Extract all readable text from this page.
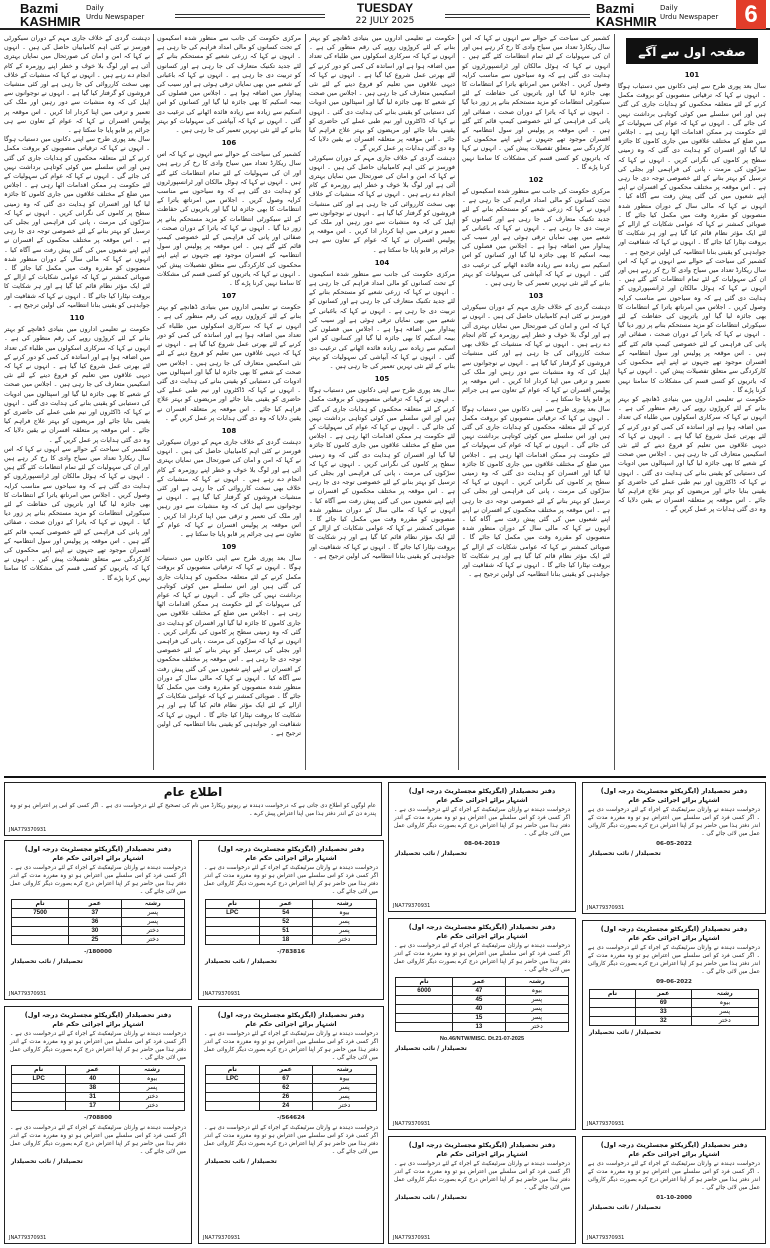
Bazmi
KASHMIR
Daily
Urdu Newspaper
TUESDAY
22 JULY 2025
Bazmi
KASHMIR
Daily
Urdu Newspaper	6
صفحہ اول سے آگے
101
سال بعد پوری طرح سے اپنی دکانوں میں دستیاب ہوگا ۔ انہوں نے کہا کہ ترقیاتی منصوبوں کو بروقت مکمل کرنے کے لئے متعلقہ محکموں کو ہدایات جاری کی گئی ہیں اور اس سلسلے میں کوئی کوتاہی برداشت نہیں کی جائے گی ۔ انہوں نے کہا کہ عوام کی سہولیات کے لئے حکومت ہر ممکن اقدامات اٹھا رہی ہے ۔ اجلاس میں ضلع کے مختلف علاقوں میں جاری کاموں کا جائزہ لیا گیا اور افسران کو ہدایت دی گئی کہ وہ زمینی سطح پر کاموں کی نگرانی کریں ۔ انہوں نے کہا کہ سڑکوں کی مرمت ، پانی کی فراہمی اور بجلی کی ترسیل کو بہتر بنانے کے لئے خصوصی توجہ دی جا رہی ہے ۔ اس موقعہ پر مختلف محکموں کے افسران نے اپنے اپنے شعبوں میں کی گئی پیش رفت سے آگاہ کیا ۔ انہوں نے کہا کہ مالی سال کے دوران منظور شدہ منصوبوں کو مقررہ وقت میں مکمل کیا جائے گا ۔ صوبائی کمشنر نے کہا کہ عوامی شکایات کے ازالے کے لئے ایک مؤثر نظام قائم کیا گیا ہے اور ہر شکایت کا بروقت نپٹارا کیا جائے گا ۔ انہوں نے کہا کہ شفافیت اور جوابدہی کو یقینی بنانا انتظامیہ کی اولین ترجیح ہے ۔
کشمیر کی سیاحت کے حوالے سے انہوں نے کہا کہ اس سال ریکارڈ تعداد میں سیاح وادی کا رخ کر رہے ہیں اور ان کی سہولیات کے لئے تمام انتظامات کئے گئے ہیں ۔ انہوں نے کہا کہ ہوٹل مالکان اور ٹرانسپورٹروں کو ہدایت دی گئی ہے کہ وہ سیاحوں سے مناسب کرایہ وصول کریں ۔ اجلاس میں امرناتھ یاترا کے انتظامات کا بھی جائزہ لیا گیا اور یاتریوں کی حفاظت کے لئے سیکورٹی انتظامات کو مزید مستحکم بنانے پر زور دیا گیا ۔ انہوں نے کہا کہ یاترا کے دوران صحت ، صفائی اور پانی کی فراہمی کے لئے خصوصی کیمپ قائم کئے گئے ہیں ۔ اس موقعہ پر پولیس اور سول انتظامیہ کے افسران موجود تھے جنہوں نے اپنے اپنے محکموں کی کارکردگی سے متعلق تفصیلات پیش کیں ۔ انہوں نے کہا کہ یاتریوں کو کسی قسم کی مشکلات کا سامنا نہیں کرنا پڑے گا ۔
حکومت نے تعلیمی اداروں میں بنیادی ڈھانچے کو بہتر بنانے کے لئے کروڑوں روپے کی رقم منظور کی ہے ۔ انہوں نے کہا کہ سرکاری اسکولوں میں طلباء کی تعداد میں اضافہ ہوا ہے اور اساتذہ کی کمی کو دور کرنے کے لئے بھرتی عمل شروع کیا گیا ہے ۔ انہوں نے کہا کہ دیہی علاقوں میں تعلیم کو فروغ دینے کے لئے نئی اسکیمیں متعارف کی جا رہی ہیں ۔ اجلاس میں صحت کے شعبے کا بھی جائزہ لیا گیا اور اسپتالوں میں ادویات کی دستیابی کو یقینی بنانے کی ہدایت دی گئی ۔ انہوں نے کہا کہ ڈاکٹروں اور نیم طبی عملے کی حاضری کو یقینی بنایا جائے اور مریضوں کو بہتر علاج فراہم کیا جائے ۔ اس موقعہ پر متعلقہ افسران نے یقین دلایا کہ وہ دی گئی ہدایات پر عمل کریں گے ۔
کشمیر کی سیاحت کے حوالے سے انہوں نے کہا کہ اس سال ریکارڈ تعداد میں سیاح وادی کا رخ کر رہے ہیں اور ان کی سہولیات کے لئے تمام انتظامات کئے گئے ہیں ۔ انہوں نے کہا کہ ہوٹل مالکان اور ٹرانسپورٹروں کو ہدایت دی گئی ہے کہ وہ سیاحوں سے مناسب کرایہ وصول کریں ۔ اجلاس میں امرناتھ یاترا کے انتظامات کا بھی جائزہ لیا گیا اور یاتریوں کی حفاظت کے لئے سیکورٹی انتظامات کو مزید مستحکم بنانے پر زور دیا گیا ۔ انہوں نے کہا کہ یاترا کے دوران صحت ، صفائی اور پانی کی فراہمی کے لئے خصوصی کیمپ قائم کئے گئے ہیں ۔ اس موقعہ پر پولیس اور سول انتظامیہ کے افسران موجود تھے جنہوں نے اپنے اپنے محکموں کی کارکردگی سے متعلق تفصیلات پیش کیں ۔ انہوں نے کہا کہ یاتریوں کو کسی قسم کی مشکلات کا سامنا نہیں کرنا پڑے گا ۔
102
مرکزی حکومت کی جانب سے منظور شدہ اسکیموں کے تحت کسانوں کو مالی امداد فراہم کی جا رہی ہے ۔ انہوں نے کہا کہ زرعی شعبے کو مستحکم بنانے کے لئے جدید تکنیک متعارف کی جا رہی ہے اور کسانوں کو تربیت دی جا رہی ہے ۔ انہوں نے کہا کہ باغبانی کے شعبے میں بھی نمایاں ترقی ہوئی ہے اور سیب کی پیداوار میں اضافہ ہوا ہے ۔ اجلاس میں فصلوں کی بیمہ اسکیم کا بھی جائزہ لیا گیا اور کسانوں کو اس اسکیم سے زیادہ سے زیادہ فائدہ اٹھانے کی ترغیب دی گئی ۔ انہوں نے کہا کہ آبپاشی کی سہولیات کو بہتر بنانے کے لئے نئی نہریں تعمیر کی جا رہی ہیں ۔
103
دہشت گردی کے خلاف جاری مہم کے دوران سیکورٹی فورسز نے کئی اہم کامیابیاں حاصل کی ہیں ۔ انہوں نے کہا کہ امن و امان کی صورتحال میں نمایاں بہتری آئی ہے اور لوگ بلا خوف و خطر اپنے روزمرہ کے کام انجام دے رہے ہیں ۔ انہوں نے کہا کہ منشیات کے خلاف بھی سخت کارروائی کی جا رہی ہے اور کئی منشیات فروشوں کو گرفتار کیا گیا ہے ۔ انہوں نے نوجوانوں سے اپیل کی کہ وہ منشیات سے دور رہیں اور ملک کی تعمیر و ترقی میں اپنا کردار ادا کریں ۔ اس موقعہ پر پولیس افسران نے کہا کہ عوام کے تعاون سے ہی جرائم پر قابو پایا جا سکتا ہے ۔
سال بعد پوری طرح سے اپنی دکانوں میں دستیاب ہوگا ۔ انہوں نے کہا کہ ترقیاتی منصوبوں کو بروقت مکمل کرنے کے لئے متعلقہ محکموں کو ہدایات جاری کی گئی ہیں اور اس سلسلے میں کوئی کوتاہی برداشت نہیں کی جائے گی ۔ انہوں نے کہا کہ عوام کی سہولیات کے لئے حکومت ہر ممکن اقدامات اٹھا رہی ہے ۔ اجلاس میں ضلع کے مختلف علاقوں میں جاری کاموں کا جائزہ لیا گیا اور افسران کو ہدایت دی گئی کہ وہ زمینی سطح پر کاموں کی نگرانی کریں ۔ انہوں نے کہا کہ سڑکوں کی مرمت ، پانی کی فراہمی اور بجلی کی ترسیل کو بہتر بنانے کے لئے خصوصی توجہ دی جا رہی ہے ۔ اس موقعہ پر مختلف محکموں کے افسران نے اپنے اپنے شعبوں میں کی گئی پیش رفت سے آگاہ کیا ۔ انہوں نے کہا کہ مالی سال کے دوران منظور شدہ منصوبوں کو مقررہ وقت میں مکمل کیا جائے گا ۔ صوبائی کمشنر نے کہا کہ عوامی شکایات کے ازالے کے لئے ایک مؤثر نظام قائم کیا گیا ہے اور ہر شکایت کا بروقت نپٹارا کیا جائے گا ۔ انہوں نے کہا کہ شفافیت اور جوابدہی کو یقینی بنانا انتظامیہ کی اولین ترجیح ہے ۔
حکومت نے تعلیمی اداروں میں بنیادی ڈھانچے کو بہتر بنانے کے لئے کروڑوں روپے کی رقم منظور کی ہے ۔ انہوں نے کہا کہ سرکاری اسکولوں میں طلباء کی تعداد میں اضافہ ہوا ہے اور اساتذہ کی کمی کو دور کرنے کے لئے بھرتی عمل شروع کیا گیا ہے ۔ انہوں نے کہا کہ دیہی علاقوں میں تعلیم کو فروغ دینے کے لئے نئی اسکیمیں متعارف کی جا رہی ہیں ۔ اجلاس میں صحت کے شعبے کا بھی جائزہ لیا گیا اور اسپتالوں میں ادویات کی دستیابی کو یقینی بنانے کی ہدایت دی گئی ۔ انہوں نے کہا کہ ڈاکٹروں اور نیم طبی عملے کی حاضری کو یقینی بنایا جائے اور مریضوں کو بہتر علاج فراہم کیا جائے ۔ اس موقعہ پر متعلقہ افسران نے یقین دلایا کہ وہ دی گئی ہدایات پر عمل کریں گے ۔
دہشت گردی کے خلاف جاری مہم کے دوران سیکورٹی فورسز نے کئی اہم کامیابیاں حاصل کی ہیں ۔ انہوں نے کہا کہ امن و امان کی صورتحال میں نمایاں بہتری آئی ہے اور لوگ بلا خوف و خطر اپنے روزمرہ کے کام انجام دے رہے ہیں ۔ انہوں نے کہا کہ منشیات کے خلاف بھی سخت کارروائی کی جا رہی ہے اور کئی منشیات فروشوں کو گرفتار کیا گیا ہے ۔ انہوں نے نوجوانوں سے اپیل کی کہ وہ منشیات سے دور رہیں اور ملک کی تعمیر و ترقی میں اپنا کردار ادا کریں ۔ اس موقعہ پر پولیس افسران نے کہا کہ عوام کے تعاون سے ہی جرائم پر قابو پایا جا سکتا ہے ۔
104
مرکزی حکومت کی جانب سے منظور شدہ اسکیموں کے تحت کسانوں کو مالی امداد فراہم کی جا رہی ہے ۔ انہوں نے کہا کہ زرعی شعبے کو مستحکم بنانے کے لئے جدید تکنیک متعارف کی جا رہی ہے اور کسانوں کو تربیت دی جا رہی ہے ۔ انہوں نے کہا کہ باغبانی کے شعبے میں بھی نمایاں ترقی ہوئی ہے اور سیب کی پیداوار میں اضافہ ہوا ہے ۔ اجلاس میں فصلوں کی بیمہ اسکیم کا بھی جائزہ لیا گیا اور کسانوں کو اس اسکیم سے زیادہ سے زیادہ فائدہ اٹھانے کی ترغیب دی گئی ۔ انہوں نے کہا کہ آبپاشی کی سہولیات کو بہتر بنانے کے لئے نئی نہریں تعمیر کی جا رہی ہیں ۔
105
سال بعد پوری طرح سے اپنی دکانوں میں دستیاب ہوگا ۔ انہوں نے کہا کہ ترقیاتی منصوبوں کو بروقت مکمل کرنے کے لئے متعلقہ محکموں کو ہدایات جاری کی گئی ہیں اور اس سلسلے میں کوئی کوتاہی برداشت نہیں کی جائے گی ۔ انہوں نے کہا کہ عوام کی سہولیات کے لئے حکومت ہر ممکن اقدامات اٹھا رہی ہے ۔ اجلاس میں ضلع کے مختلف علاقوں میں جاری کاموں کا جائزہ لیا گیا اور افسران کو ہدایت دی گئی کہ وہ زمینی سطح پر کاموں کی نگرانی کریں ۔ انہوں نے کہا کہ سڑکوں کی مرمت ، پانی کی فراہمی اور بجلی کی ترسیل کو بہتر بنانے کے لئے خصوصی توجہ دی جا رہی ہے ۔ اس موقعہ پر مختلف محکموں کے افسران نے اپنے اپنے شعبوں میں کی گئی پیش رفت سے آگاہ کیا ۔ انہوں نے کہا کہ مالی سال کے دوران منظور شدہ منصوبوں کو مقررہ وقت میں مکمل کیا جائے گا ۔ صوبائی کمشنر نے کہا کہ عوامی شکایات کے ازالے کے لئے ایک مؤثر نظام قائم کیا گیا ہے اور ہر شکایت کا بروقت نپٹارا کیا جائے گا ۔ انہوں نے کہا کہ شفافیت اور جوابدہی کو یقینی بنانا انتظامیہ کی اولین ترجیح ہے ۔
مرکزی حکومت کی جانب سے منظور شدہ اسکیموں کے تحت کسانوں کو مالی امداد فراہم کی جا رہی ہے ۔ انہوں نے کہا کہ زرعی شعبے کو مستحکم بنانے کے لئے جدید تکنیک متعارف کی جا رہی ہے اور کسانوں کو تربیت دی جا رہی ہے ۔ انہوں نے کہا کہ باغبانی کے شعبے میں بھی نمایاں ترقی ہوئی ہے اور سیب کی پیداوار میں اضافہ ہوا ہے ۔ اجلاس میں فصلوں کی بیمہ اسکیم کا بھی جائزہ لیا گیا اور کسانوں کو اس اسکیم سے زیادہ سے زیادہ فائدہ اٹھانے کی ترغیب دی گئی ۔ انہوں نے کہا کہ آبپاشی کی سہولیات کو بہتر بنانے کے لئے نئی نہریں تعمیر کی جا رہی ہیں ۔
106
کشمیر کی سیاحت کے حوالے سے انہوں نے کہا کہ اس سال ریکارڈ تعداد میں سیاح وادی کا رخ کر رہے ہیں اور ان کی سہولیات کے لئے تمام انتظامات کئے گئے ہیں ۔ انہوں نے کہا کہ ہوٹل مالکان اور ٹرانسپورٹروں کو ہدایت دی گئی ہے کہ وہ سیاحوں سے مناسب کرایہ وصول کریں ۔ اجلاس میں امرناتھ یاترا کے انتظامات کا بھی جائزہ لیا گیا اور یاتریوں کی حفاظت کے لئے سیکورٹی انتظامات کو مزید مستحکم بنانے پر زور دیا گیا ۔ انہوں نے کہا کہ یاترا کے دوران صحت ، صفائی اور پانی کی فراہمی کے لئے خصوصی کیمپ قائم کئے گئے ہیں ۔ اس موقعہ پر پولیس اور سول انتظامیہ کے افسران موجود تھے جنہوں نے اپنے اپنے محکموں کی کارکردگی سے متعلق تفصیلات پیش کیں ۔ انہوں نے کہا کہ یاتریوں کو کسی قسم کی مشکلات کا سامنا نہیں کرنا پڑے گا ۔
107
حکومت نے تعلیمی اداروں میں بنیادی ڈھانچے کو بہتر بنانے کے لئے کروڑوں روپے کی رقم منظور کی ہے ۔ انہوں نے کہا کہ سرکاری اسکولوں میں طلباء کی تعداد میں اضافہ ہوا ہے اور اساتذہ کی کمی کو دور کرنے کے لئے بھرتی عمل شروع کیا گیا ہے ۔ انہوں نے کہا کہ دیہی علاقوں میں تعلیم کو فروغ دینے کے لئے نئی اسکیمیں متعارف کی جا رہی ہیں ۔ اجلاس میں صحت کے شعبے کا بھی جائزہ لیا گیا اور اسپتالوں میں ادویات کی دستیابی کو یقینی بنانے کی ہدایت دی گئی ۔ انہوں نے کہا کہ ڈاکٹروں اور نیم طبی عملے کی حاضری کو یقینی بنایا جائے اور مریضوں کو بہتر علاج فراہم کیا جائے ۔ اس موقعہ پر متعلقہ افسران نے یقین دلایا کہ وہ دی گئی ہدایات پر عمل کریں گے ۔
108
دہشت گردی کے خلاف جاری مہم کے دوران سیکورٹی فورسز نے کئی اہم کامیابیاں حاصل کی ہیں ۔ انہوں نے کہا کہ امن و امان کی صورتحال میں نمایاں بہتری آئی ہے اور لوگ بلا خوف و خطر اپنے روزمرہ کے کام انجام دے رہے ہیں ۔ انہوں نے کہا کہ منشیات کے خلاف بھی سخت کارروائی کی جا رہی ہے اور کئی منشیات فروشوں کو گرفتار کیا گیا ہے ۔ انہوں نے نوجوانوں سے اپیل کی کہ وہ منشیات سے دور رہیں اور ملک کی تعمیر و ترقی میں اپنا کردار ادا کریں ۔ اس موقعہ پر پولیس افسران نے کہا کہ عوام کے تعاون سے ہی جرائم پر قابو پایا جا سکتا ہے ۔
109
سال بعد پوری طرح سے اپنی دکانوں میں دستیاب ہوگا ۔ انہوں نے کہا کہ ترقیاتی منصوبوں کو بروقت مکمل کرنے کے لئے متعلقہ محکموں کو ہدایات جاری کی گئی ہیں اور اس سلسلے میں کوئی کوتاہی برداشت نہیں کی جائے گی ۔ انہوں نے کہا کہ عوام کی سہولیات کے لئے حکومت ہر ممکن اقدامات اٹھا رہی ہے ۔ اجلاس میں ضلع کے مختلف علاقوں میں جاری کاموں کا جائزہ لیا گیا اور افسران کو ہدایت دی گئی کہ وہ زمینی سطح پر کاموں کی نگرانی کریں ۔ انہوں نے کہا کہ سڑکوں کی مرمت ، پانی کی فراہمی اور بجلی کی ترسیل کو بہتر بنانے کے لئے خصوصی توجہ دی جا رہی ہے ۔ اس موقعہ پر مختلف محکموں کے افسران نے اپنے اپنے شعبوں میں کی گئی پیش رفت سے آگاہ کیا ۔ انہوں نے کہا کہ مالی سال کے دوران منظور شدہ منصوبوں کو مقررہ وقت میں مکمل کیا جائے گا ۔ صوبائی کمشنر نے کہا کہ عوامی شکایات کے ازالے کے لئے ایک مؤثر نظام قائم کیا گیا ہے اور ہر شکایت کا بروقت نپٹارا کیا جائے گا ۔ انہوں نے کہا کہ شفافیت اور جوابدہی کو یقینی بنانا انتظامیہ کی اولین ترجیح ہے ۔
دہشت گردی کے خلاف جاری مہم کے دوران سیکورٹی فورسز نے کئی اہم کامیابیاں حاصل کی ہیں ۔ انہوں نے کہا کہ امن و امان کی صورتحال میں نمایاں بہتری آئی ہے اور لوگ بلا خوف و خطر اپنے روزمرہ کے کام انجام دے رہے ہیں ۔ انہوں نے کہا کہ منشیات کے خلاف بھی سخت کارروائی کی جا رہی ہے اور کئی منشیات فروشوں کو گرفتار کیا گیا ہے ۔ انہوں نے نوجوانوں سے اپیل کی کہ وہ منشیات سے دور رہیں اور ملک کی تعمیر و ترقی میں اپنا کردار ادا کریں ۔ اس موقعہ پر پولیس افسران نے کہا کہ عوام کے تعاون سے ہی جرائم پر قابو پایا جا سکتا ہے ۔
سال بعد پوری طرح سے اپنی دکانوں میں دستیاب ہوگا ۔ انہوں نے کہا کہ ترقیاتی منصوبوں کو بروقت مکمل کرنے کے لئے متعلقہ محکموں کو ہدایات جاری کی گئی ہیں اور اس سلسلے میں کوئی کوتاہی برداشت نہیں کی جائے گی ۔ انہوں نے کہا کہ عوام کی سہولیات کے لئے حکومت ہر ممکن اقدامات اٹھا رہی ہے ۔ اجلاس میں ضلع کے مختلف علاقوں میں جاری کاموں کا جائزہ لیا گیا اور افسران کو ہدایت دی گئی کہ وہ زمینی سطح پر کاموں کی نگرانی کریں ۔ انہوں نے کہا کہ سڑکوں کی مرمت ، پانی کی فراہمی اور بجلی کی ترسیل کو بہتر بنانے کے لئے خصوصی توجہ دی جا رہی ہے ۔ اس موقعہ پر مختلف محکموں کے افسران نے اپنے اپنے شعبوں میں کی گئی پیش رفت سے آگاہ کیا ۔ انہوں نے کہا کہ مالی سال کے دوران منظور شدہ منصوبوں کو مقررہ وقت میں مکمل کیا جائے گا ۔ صوبائی کمشنر نے کہا کہ عوامی شکایات کے ازالے کے لئے ایک مؤثر نظام قائم کیا گیا ہے اور ہر شکایت کا بروقت نپٹارا کیا جائے گا ۔ انہوں نے کہا کہ شفافیت اور جوابدہی کو یقینی بنانا انتظامیہ کی اولین ترجیح ہے ۔
110
حکومت نے تعلیمی اداروں میں بنیادی ڈھانچے کو بہتر بنانے کے لئے کروڑوں روپے کی رقم منظور کی ہے ۔ انہوں نے کہا کہ سرکاری اسکولوں میں طلباء کی تعداد میں اضافہ ہوا ہے اور اساتذہ کی کمی کو دور کرنے کے لئے بھرتی عمل شروع کیا گیا ہے ۔ انہوں نے کہا کہ دیہی علاقوں میں تعلیم کو فروغ دینے کے لئے نئی اسکیمیں متعارف کی جا رہی ہیں ۔ اجلاس میں صحت کے شعبے کا بھی جائزہ لیا گیا اور اسپتالوں میں ادویات کی دستیابی کو یقینی بنانے کی ہدایت دی گئی ۔ انہوں نے کہا کہ ڈاکٹروں اور نیم طبی عملے کی حاضری کو یقینی بنایا جائے اور مریضوں کو بہتر علاج فراہم کیا جائے ۔ اس موقعہ پر متعلقہ افسران نے یقین دلایا کہ وہ دی گئی ہدایات پر عمل کریں گے ۔
کشمیر کی سیاحت کے حوالے سے انہوں نے کہا کہ اس سال ریکارڈ تعداد میں سیاح وادی کا رخ کر رہے ہیں اور ان کی سہولیات کے لئے تمام انتظامات کئے گئے ہیں ۔ انہوں نے کہا کہ ہوٹل مالکان اور ٹرانسپورٹروں کو ہدایت دی گئی ہے کہ وہ سیاحوں سے مناسب کرایہ وصول کریں ۔ اجلاس میں امرناتھ یاترا کے انتظامات کا بھی جائزہ لیا گیا اور یاتریوں کی حفاظت کے لئے سیکورٹی انتظامات کو مزید مستحکم بنانے پر زور دیا گیا ۔ انہوں نے کہا کہ یاترا کے دوران صحت ، صفائی اور پانی کی فراہمی کے لئے خصوصی کیمپ قائم کئے گئے ہیں ۔ اس موقعہ پر پولیس اور سول انتظامیہ کے افسران موجود تھے جنہوں نے اپنے اپنے محکموں کی کارکردگی سے متعلق تفصیلات پیش کیں ۔ انہوں نے کہا کہ یاتریوں کو کسی قسم کی مشکلات کا سامنا نہیں کرنا پڑے گا ۔
اطلاع عام
عام لوگوں کو اطلاع دی جاتی ہے کہ درخواست دہندہ نے ریونیو ریکارڈ میں نام کی تصحیح کے لئے درخواست دی ہے ۔ اگر کسی کو اس پر اعتراض ہو تو وہ پندرہ دن کے اندر دفتر ہذا میں اپنا اعتراض پیش کرے ۔
JNA779370931
دفتر تحصیلدار (ایگزیکٹو مجسٹریٹ درجہ اول)
اشتہار برائے اجرائی حکم عام
درخواست دہندہ نے وارثان سرٹیفکیٹ کے اجراء کے لئے درخواست دی ہے ۔ اگر کسی فرد کو اس سلسلے میں اعتراض ہو تو وہ مقررہ مدت کے اندر دفتر ہذا میں حاضر ہو کر اپنا اعتراض درج کرے بصورت دیگر کاروائی عمل میں لائی جائے گی ۔
08-04-2019
تحصیلدار / نائب تحصیلدار
JNA779370931
دفتر تحصیلدار (ایگزیکٹو مجسٹریٹ درجہ اول)
اشتہار برائے اجرائی حکم عام
درخواست دہندہ نے وارثان سرٹیفکیٹ کے اجراء کے لئے درخواست دی ہے ۔ اگر کسی فرد کو اس سلسلے میں اعتراض ہو تو وہ مقررہ مدت کے اندر دفتر ہذا میں حاضر ہو کر اپنا اعتراض درج کرے بصورت دیگر کاروائی عمل میں لائی جائے گی ۔
06-05-2022
تحصیلدار / نائب تحصیلدار
JNA779370931
دفتر تحصیلدار (ایگزیکٹو مجسٹریٹ درجہ اول)
اشتہار برائے اجرائی حکم عام
درخواست دہندہ نے وارثان سرٹیفکیٹ کے اجراء کے لئے درخواست دی ہے ۔ اگر کسی فرد کو اس سلسلے میں اعتراض ہو تو وہ مقررہ مدت کے اندر دفتر ہذا میں حاضر ہو کر اپنا اعتراض درج کرے بصورت دیگر کاروائی عمل میں لائی جائے گی ۔
رشتہ	عمر	نام
پسر	37	7500
پسر	36	
دختر	30	
دختر	25	
180000/-
تحصیلدار / نائب تحصیلدار
JNA779370931
دفتر تحصیلدار (ایگزیکٹو مجسٹریٹ درجہ اول)
اشتہار برائے اجرائی حکم عام
درخواست دہندہ نے وارثان سرٹیفکیٹ کے اجراء کے لئے درخواست دی ہے ۔ اگر کسی فرد کو اس سلسلے میں اعتراض ہو تو وہ مقررہ مدت کے اندر دفتر ہذا میں حاضر ہو کر اپنا اعتراض درج کرے بصورت دیگر کاروائی عمل میں لائی جائے گی ۔
رشتہ	عمر	نام
بیوہ	54	LPC
پسر	52	
پسر	51	
دختر	18	
783816/-
تحصیلدار / نائب تحصیلدار
JNA779370931
دفتر تحصیلدار (ایگزیکٹو مجسٹریٹ درجہ اول)
اشتہار برائے اجرائی حکم عام
درخواست دہندہ نے وارثان سرٹیفکیٹ کے اجراء کے لئے درخواست دی ہے ۔ اگر کسی فرد کو اس سلسلے میں اعتراض ہو تو وہ مقررہ مدت کے اندر دفتر ہذا میں حاضر ہو کر اپنا اعتراض درج کرے بصورت دیگر کاروائی عمل میں لائی جائے گی ۔
رشتہ	عمر	نام
بیوہ	47	6000
پسر	45	
پسر	40	
پسر	15	
دختر	13	
No.46/NTW/MISC. Dt.21-07-2025
تحصیلدار / نائب تحصیلدار
JNA779370931
دفتر تحصیلدار (ایگزیکٹو مجسٹریٹ درجہ اول)
اشتہار برائے اجرائی حکم عام
درخواست دہندہ نے وارثان سرٹیفکیٹ کے اجراء کے لئے درخواست دی ہے ۔ اگر کسی فرد کو اس سلسلے میں اعتراض ہو تو وہ مقررہ مدت کے اندر دفتر ہذا میں حاضر ہو کر اپنا اعتراض درج کرے بصورت دیگر کاروائی عمل میں لائی جائے گی ۔
09-06-2022
رشتہ	عمر	نام
بیوہ	69	
پسر	33	
دختر	32	
تحصیلدار / نائب تحصیلدار
JNA779370931
دفتر تحصیلدار (ایگزیکٹو مجسٹریٹ درجہ اول)
اشتہار برائے اجرائی حکم عام
درخواست دہندہ نے وارثان سرٹیفکیٹ کے اجراء کے لئے درخواست دی ہے ۔ اگر کسی فرد کو اس سلسلے میں اعتراض ہو تو وہ مقررہ مدت کے اندر دفتر ہذا میں حاضر ہو کر اپنا اعتراض درج کرے بصورت دیگر کاروائی عمل میں لائی جائے گی ۔
رشتہ	عمر	نام
بیوہ	40	LPC
پسر	38	
دختر	31	
دختر	17	
708800/-
درخواست دہندہ نے وارثان سرٹیفکیٹ کے اجراء کے لئے درخواست دی ہے ۔ اگر کسی فرد کو اس سلسلے میں اعتراض ہو تو وہ مقررہ مدت کے اندر دفتر ہذا میں حاضر ہو کر اپنا اعتراض درج کرے بصورت دیگر کاروائی عمل میں لائی جائے گی ۔
تحصیلدار / نائب تحصیلدار
JNA779370931
دفتر تحصیلدار (ایگزیکٹو مجسٹریٹ درجہ اول)
اشتہار برائے اجرائی حکم عام
درخواست دہندہ نے وارثان سرٹیفکیٹ کے اجراء کے لئے درخواست دی ہے ۔ اگر کسی فرد کو اس سلسلے میں اعتراض ہو تو وہ مقررہ مدت کے اندر دفتر ہذا میں حاضر ہو کر اپنا اعتراض درج کرے بصورت دیگر کاروائی عمل میں لائی جائے گی ۔
رشتہ	عمر	نام
بیوہ	67	LPC
پسر	62	
پسر	26	
دختر	24	
564624/-
درخواست دہندہ نے وارثان سرٹیفکیٹ کے اجراء کے لئے درخواست دی ہے ۔ اگر کسی فرد کو اس سلسلے میں اعتراض ہو تو وہ مقررہ مدت کے اندر دفتر ہذا میں حاضر ہو کر اپنا اعتراض درج کرے بصورت دیگر کاروائی عمل میں لائی جائے گی ۔
تحصیلدار / نائب تحصیلدار
JNA779370931
دفتر تحصیلدار (ایگزیکٹو مجسٹریٹ درجہ اول)
اشتہار برائے اجرائی حکم عام
درخواست دہندہ نے وارثان سرٹیفکیٹ کے اجراء کے لئے درخواست دی ہے ۔ اگر کسی فرد کو اس سلسلے میں اعتراض ہو تو وہ مقررہ مدت کے اندر دفتر ہذا میں حاضر ہو کر اپنا اعتراض درج کرے بصورت دیگر کاروائی عمل میں لائی جائے گی ۔
تحصیلدار / نائب تحصیلدار
JNA779370931
دفتر تحصیلدار (ایگزیکٹو مجسٹریٹ درجہ اول)
اشتہار برائے اجرائی حکم عام
درخواست دہندہ نے وارثان سرٹیفکیٹ کے اجراء کے لئے درخواست دی ہے ۔ اگر کسی فرد کو اس سلسلے میں اعتراض ہو تو وہ مقررہ مدت کے اندر دفتر ہذا میں حاضر ہو کر اپنا اعتراض درج کرے بصورت دیگر کاروائی عمل میں لائی جائے گی ۔
01-10-2000
تحصیلدار / نائب تحصیلدار
JNA779370931
